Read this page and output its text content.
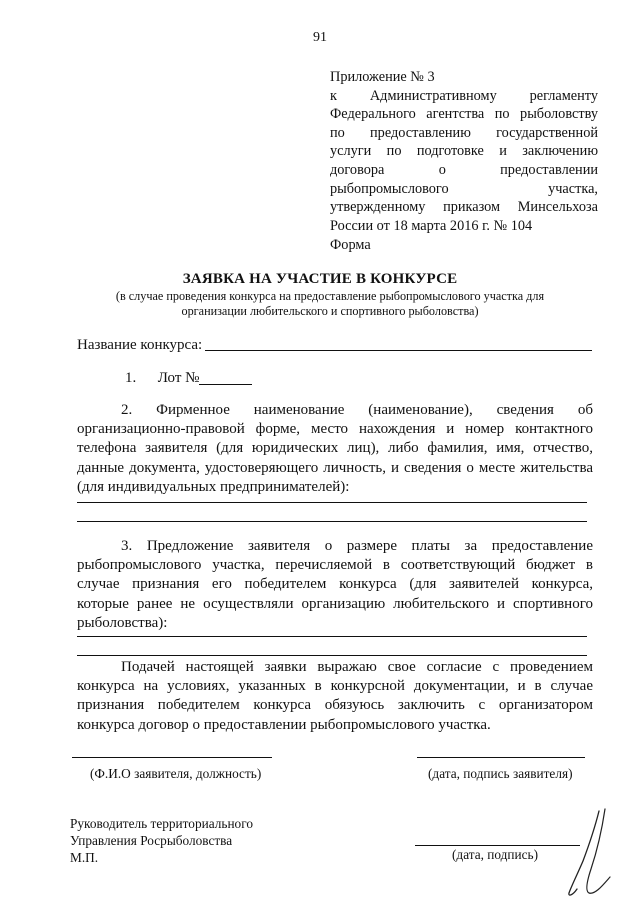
91
Приложение № 3
к Административному регламенту
Федерального агентства по рыболовству
по предоставлению государственной
услуги по подготовке и заключению
договора о предоставлении
рыбопромыслового участка,
утвержденному приказом Минсельхоза
России от 18 марта 2016 г. № 104
Форма
ЗАЯВКА НА УЧАСТИЕ В КОНКУРСЕ
(в случае проведения конкурса на предоставление рыбопромыслового участка для
организации любительского и спортивного рыболовства)
Название конкурса:
1. Лот №
2. Фирменное наименование (наименование), сведения об
организационно-правовой форме, место нахождения и номер контактного
телефона заявителя (для юридических лиц), либо фамилия, имя, отчество,
данные документа, удостоверяющего личность, и сведения о месте жительства
(для индивидуальных предпринимателей):
3. Предложение заявителя о размере платы за предоставление
рыбопромыслового участка, перечисляемой в соответствующий бюджет в
случае признания его победителем конкурса (для заявителей конкурса,
которые ранее не осуществляли организацию любительского и спортивного
рыболовства):
Подачей настоящей заявки выражаю свое согласие с проведением
конкурса на условиях, указанных в конкурсной документации, и в случае
признания победителем конкурса обязуюсь заключить с организатором
конкурса договор о предоставлении рыбопромыслового участка.
(Ф.И.О заявителя, должность)	(дата, подпись заявителя)
Руководитель территориального
Управления Росрыболовства
М.П.	(дата, подпись)
